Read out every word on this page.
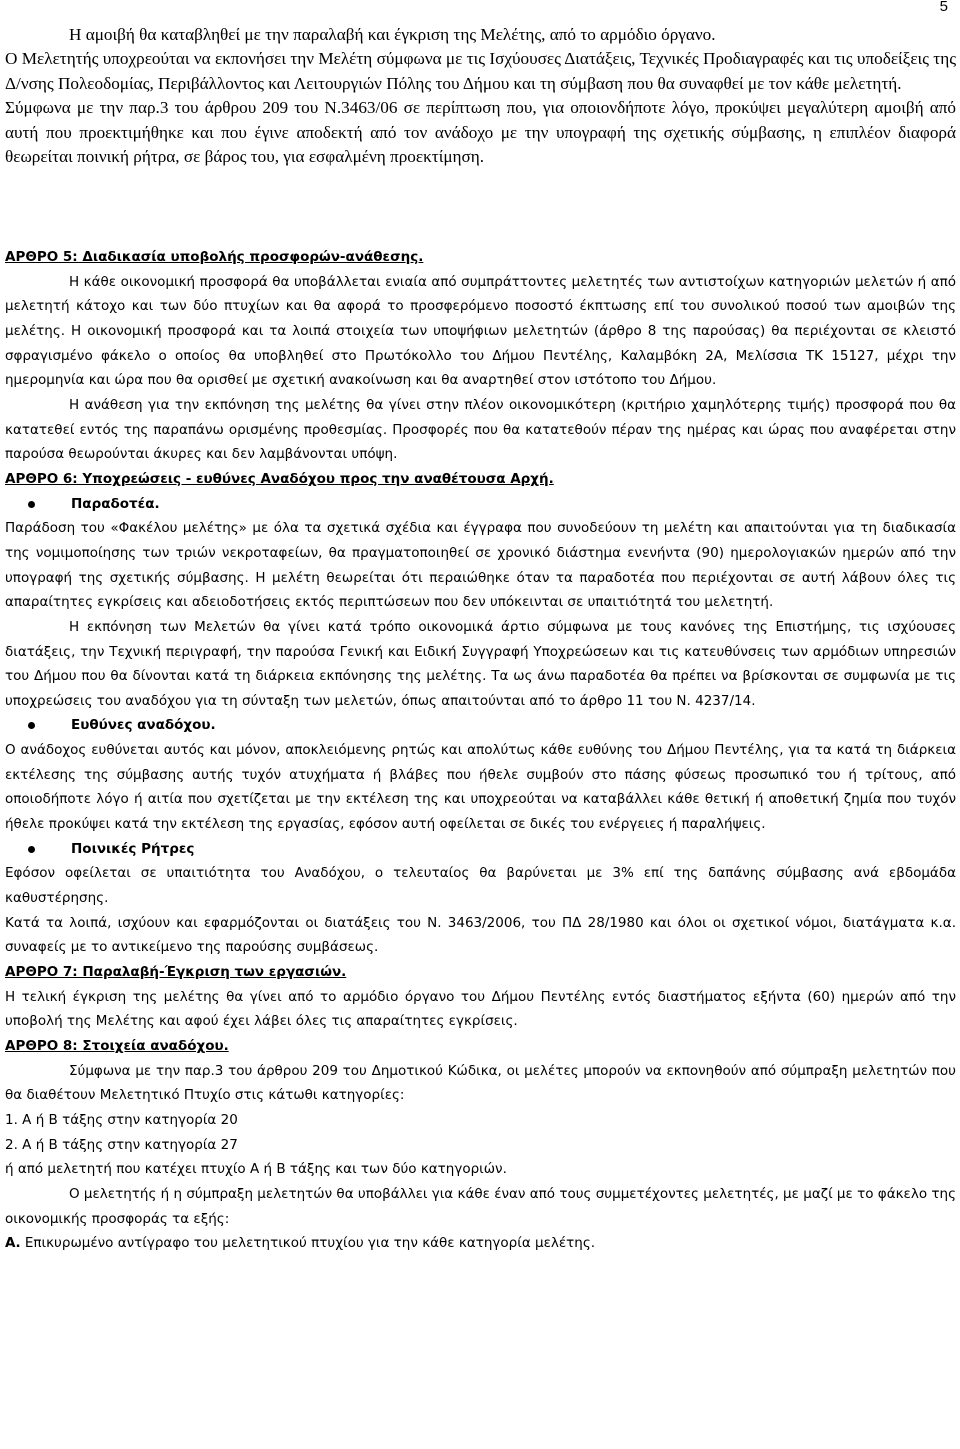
5

Η αμοιβή θα καταβληθεί με την παραλαβή και έγκριση της Μελέτης, από το αρμόδιο όργανο.

Ο Μελετητής υποχρεούται να εκπονήσει την Μελέτη σύμφωνα με τις Ισχύουσες Διατάξεις, Τεχνικές Προδιαγραφές και τις υποδείξεις της Δ/νσης Πολεοδομίας, Περιβάλλοντος και Λειτουργιών Πόλης του Δήμου και τη σύμβαση που θα συναφθεί με τον κάθε μελετητή.

Σύμφωνα με την παρ.3 του άρθρου 209 του Ν.3463/06 σε περίπτωση που, για οποιονδήποτε λόγο, προκύψει μεγαλύτερη αμοιβή από αυτή που προεκτιμήθηκε και που έγινε αποδεκτή από τον ανάδοχο με την υπογραφή της σχετικής σύμβασης, η επιπλέον διαφορά θεωρείται ποινική ρήτρα, σε βάρος του, για εσφαλμένη προεκτίμηση.

ΑΡΘΡΟ 5: Διαδικασία υποβολής προσφορών-ανάθεσης.

Η κάθε οικονομική προσφορά θα υποβάλλεται ενιαία από συμπράττοντες μελετητές των αντιστοίχων κατηγοριών μελετών ή από μελετητή κάτοχο και των δύο πτυχίων και θα αφορά το προσφερόμενο ποσοστό έκπτωσης επί του συνολικού ποσού των αμοιβών της μελέτης. Η οικονομική προσφορά και τα λοιπά στοιχεία των υποψήφιων μελετητών (άρθρο 8 της παρούσας) θα περιέχονται σε κλειστό σφραγισμένο φάκελο ο οποίος θα υποβληθεί στο Πρωτόκολλο του Δήμου Πεντέλης, Καλαμβόκη 2Α, Μελίσσια ΤΚ 15127, μέχρι την ημερομηνία και ώρα που θα ορισθεί με σχετική ανακοίνωση και θα αναρτηθεί στον ιστότοπο του Δήμου.

Η ανάθεση για την εκπόνηση της μελέτης θα γίνει στην πλέον οικονομικότερη (κριτήριο χαμηλότερης τιμής) προσφορά που θα κατατεθεί εντός της παραπάνω ορισμένης προθεσμίας. Προσφορές που θα κατατεθούν πέραν της ημέρας και ώρας που αναφέρεται στην παρούσα θεωρούνται άκυρες και δεν λαμβάνονται υπόψη.

ΑΡΘΡΟ 6: Υποχρεώσεις - ευθύνες Αναδόχου προς την αναθέτουσα Αρχή.

Παραδοτέα.

Παράδοση του «Φακέλου μελέτης» με όλα τα σχετικά σχέδια και έγγραφα που συνοδεύουν τη μελέτη και απαιτούνται για τη διαδικασία της νομιμοποίησης των τριών νεκροταφείων, θα πραγματοποιηθεί σε χρονικό διάστημα ενενήντα (90) ημερολογιακών ημερών από την υπογραφή της σχετικής σύμβασης. Η μελέτη θεωρείται ότι περαιώθηκε όταν τα παραδοτέα που περιέχονται σε αυτή λάβουν όλες τις απαραίτητες εγκρίσεις και αδειοδοτήσεις εκτός περιπτώσεων που δεν υπόκεινται σε υπαιτιότητά του μελετητή.

Η εκπόνηση των Μελετών θα γίνει κατά τρόπο οικονομικά άρτιο σύμφωνα με τους κανόνες της Επιστήμης, τις ισχύουσες διατάξεις, την Τεχνική περιγραφή, την παρούσα Γενική και Ειδική Συγγραφή Υποχρεώσεων και τις κατευθύνσεις των αρμόδιων υπηρεσιών του Δήμου που θα δίνονται κατά τη διάρκεια εκπόνησης της μελέτης. Τα ως άνω παραδοτέα θα πρέπει να βρίσκονται σε συμφωνία με τις υποχρεώσεις του αναδόχου για τη σύνταξη των μελετών, όπως απαιτούνται από το άρθρο 11 του Ν. 4237/14.

Ευθύνες αναδόχου.

Ο ανάδοχος ευθύνεται αυτός και μόνον, αποκλειόμενης ρητώς και απολύτως κάθε ευθύνης του Δήμου Πεντέλης, για τα κατά τη διάρκεια εκτέλεσης της σύμβασης αυτής τυχόν ατυχήματα ή βλάβες που ήθελε συμβούν στο πάσης φύσεως προσωπικό του ή τρίτους, από οποιοδήποτε λόγο ή αιτία που σχετίζεται με την εκτέλεση της και υποχρεούται να καταβάλλει κάθε θετική ή αποθετική ζημία που τυχόν ήθελε προκύψει κατά την εκτέλεση της εργασίας, εφόσον αυτή οφείλεται σε δικές του ενέργειες ή παραλήψεις.

Ποινικές Ρήτρες

Εφόσον οφείλεται σε υπαιτιότητα του Αναδόχου, ο τελευταίος θα βαρύνεται με 3% επί της δαπάνης σύμβασης ανά εβδομάδα καθυστέρησης.

Κατά τα λοιπά, ισχύουν και εφαρμόζονται οι διατάξεις του Ν. 3463/2006, του ΠΔ 28/1980 και όλοι οι σχετικοί νόμοι, διατάγματα κ.α. συναφείς με το αντικείμενο της παρούσης συμβάσεως.

ΑΡΘΡΟ 7: Παραλαβή-Έγκριση των εργασιών.

Η τελική έγκριση της μελέτης θα γίνει από το αρμόδιο όργανο του Δήμου Πεντέλης εντός διαστήματος εξήντα (60) ημερών από την υποβολή της Μελέτης και αφού έχει λάβει όλες τις απαραίτητες εγκρίσεις.

ΑΡΘΡΟ 8: Στοιχεία αναδόχου.

Σύμφωνα με την παρ.3 του άρθρου 209 του Δημοτικού Κώδικα, οι μελέτες μπορούν να εκπονηθούν από σύμπραξη μελετητών που θα διαθέτουν Μελετητικό Πτυχίο στις κάτωθι κατηγορίες:

1. Α ή Β τάξης στην κατηγορία 20

2. Α ή Β τάξης στην κατηγορία 27

ή από μελετητή που κατέχει πτυχίο Α ή Β τάξης και των δύο κατηγοριών.

Ο μελετητής ή η σύμπραξη μελετητών θα υποβάλλει για κάθε έναν από τους συμμετέχοντες μελετητές, με μαζί με το φάκελο της οικονομικής προσφοράς τα εξής:

Α. Επικυρωμένο αντίγραφο του μελετητικού πτυχίου για την κάθε κατηγορία μελέτης.
